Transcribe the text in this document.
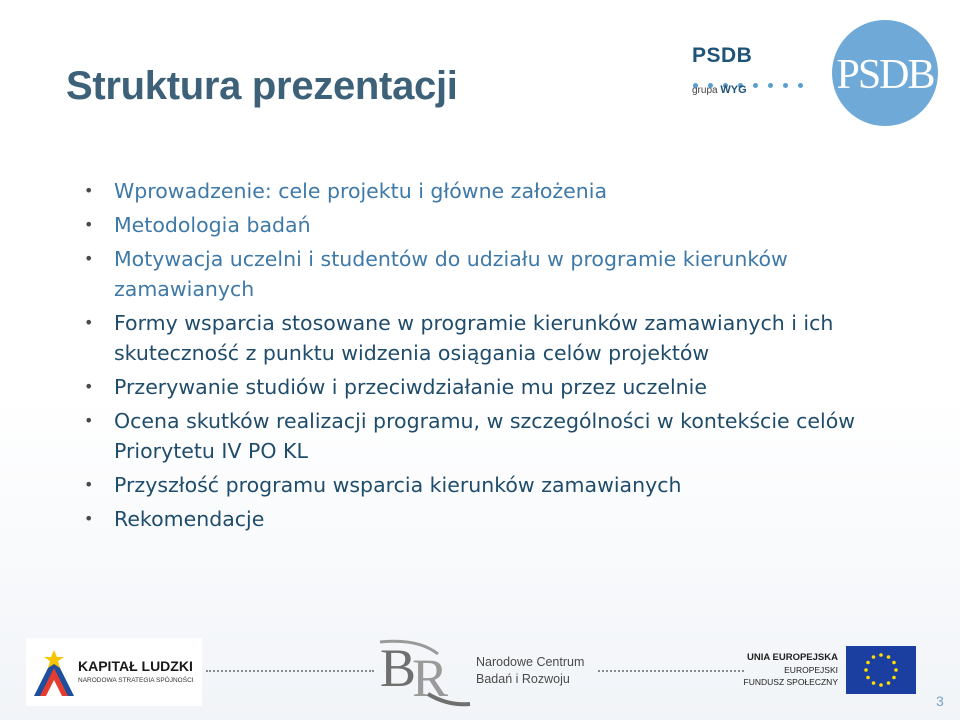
Struktura prezentacji
PSDB
grupa WYG PSDB
• Wprowadzenie: cele projektu i główne założenia
• Metodologia badań
• Motywacja uczelni i studentów do udziału w programie kierunków zamawianych
• Formy wsparcia stosowane w programie kierunków zamawianych i ich skuteczność z punktu widzenia osiągania celów projektów
• Przerywanie studiów i przeciwdziałanie mu przez uczelnie
• Ocena skutków realizacji programu, w szczególności w kontekście celów Priorytetu IV PO KL
• Przyszłość programu wsparcia kierunków zamawianych
• Rekomendacje
KAPITAŁ LUDZKI
NARODOWA STRATEGIA SPÓJNOŚCI	B
R Narodowe Centrum
Badań i Rozwoju
UNIA EUROPEJSKA
EUROPEJSKI
FUNDUSZ SPOŁECZNY
3
